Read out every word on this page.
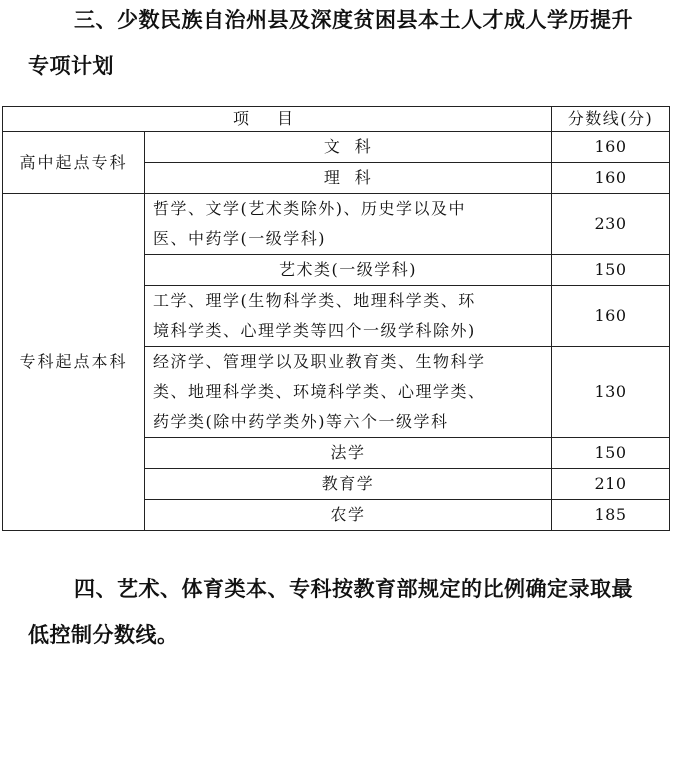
三、少数民族自治州县及深度贫困县本土人才成人学历提升
专项计划
项目		分数线(分)
高中起点专科	文  科	160
	理  科	160
专科起点本科	哲学、文学(艺术类除外)、历史学以及中
医、中药学(一级学科)	230
	艺术类(一级学科)	150

	工学、理学(生物科学类、地理科学类、环
境科学类、心理学类等四个一级学科除外)	160

	经济学、管理学以及职业教育类、生物科学
类、地理科学类、环境科学类、心理学类、
药学类(除中药学类外)等六个一级学科	130
	法学	150
	教育学	210
	农学	185
四、艺术、体育类本、专科按教育部规定的比例确定录取最
低控制分数线。
